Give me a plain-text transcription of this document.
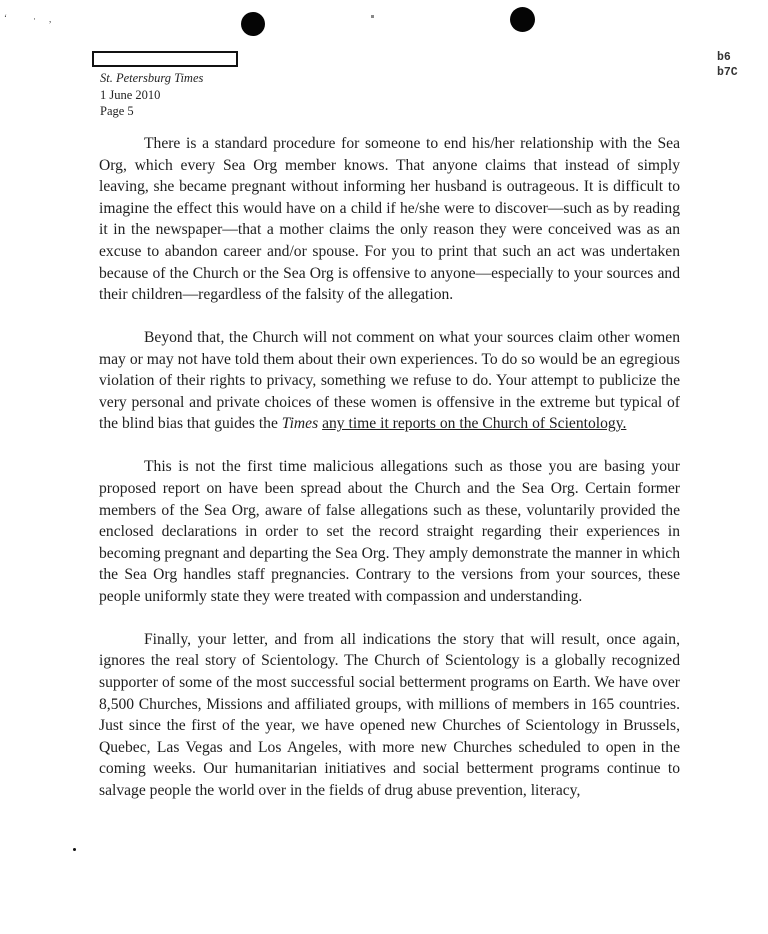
‘	· ,
St. Petersburg Times
1 June 2010
Page 5
b6
b7C

There is a standard procedure for someone to end his/her relationship with the Sea Org, which every Sea Org member knows. That anyone claims that instead of simply leaving, she became pregnant without informing her husband is outrageous. It is difficult to imagine the effect this would have on a child if he/she were to discover—such as by reading it in the newspaper—that a mother claims the only reason they were conceived was as an excuse to abandon career and/or spouse. For you to print that such an act was undertaken because of the Church or the Sea Org is offensive to anyone—especially to your sources and their children—regardless of the falsity of the allegation.

Beyond that, the Church will not comment on what your sources claim other women may or may not have told them about their own experiences. To do so would be an egregious violation of their rights to privacy, something we refuse to do. Your attempt to publicize the very personal and private choices of these women is offensive in the extreme but typical of the blind bias that guides the Times any time it reports on the Church of Scientology.

This is not the first time malicious allegations such as those you are basing your proposed report on have been spread about the Church and the Sea Org. Certain former members of the Sea Org, aware of false allegations such as these, voluntarily provided the enclosed declarations in order to set the record straight regarding their experiences in becoming pregnant and departing the Sea Org. They amply demonstrate the manner in which the Sea Org handles staff pregnancies. Contrary to the versions from your sources, these people uniformly state they were treated with compassion and understanding.

Finally, your letter, and from all indications the story that will result, once again, ignores the real story of Scientology. The Church of Scientology is a globally recognized supporter of some of the most successful social betterment programs on Earth. We have over 8,500 Churches, Missions and affiliated groups, with millions of members in 165 countries. Just since the first of the year, we have opened new Churches of Scientology in Brussels, Quebec, Las Vegas and Los Angeles, with more new Churches scheduled to open in the coming weeks. Our humanitarian initiatives and social betterment programs continue to salvage people the world over in the fields of drug abuse prevention, literacy,
